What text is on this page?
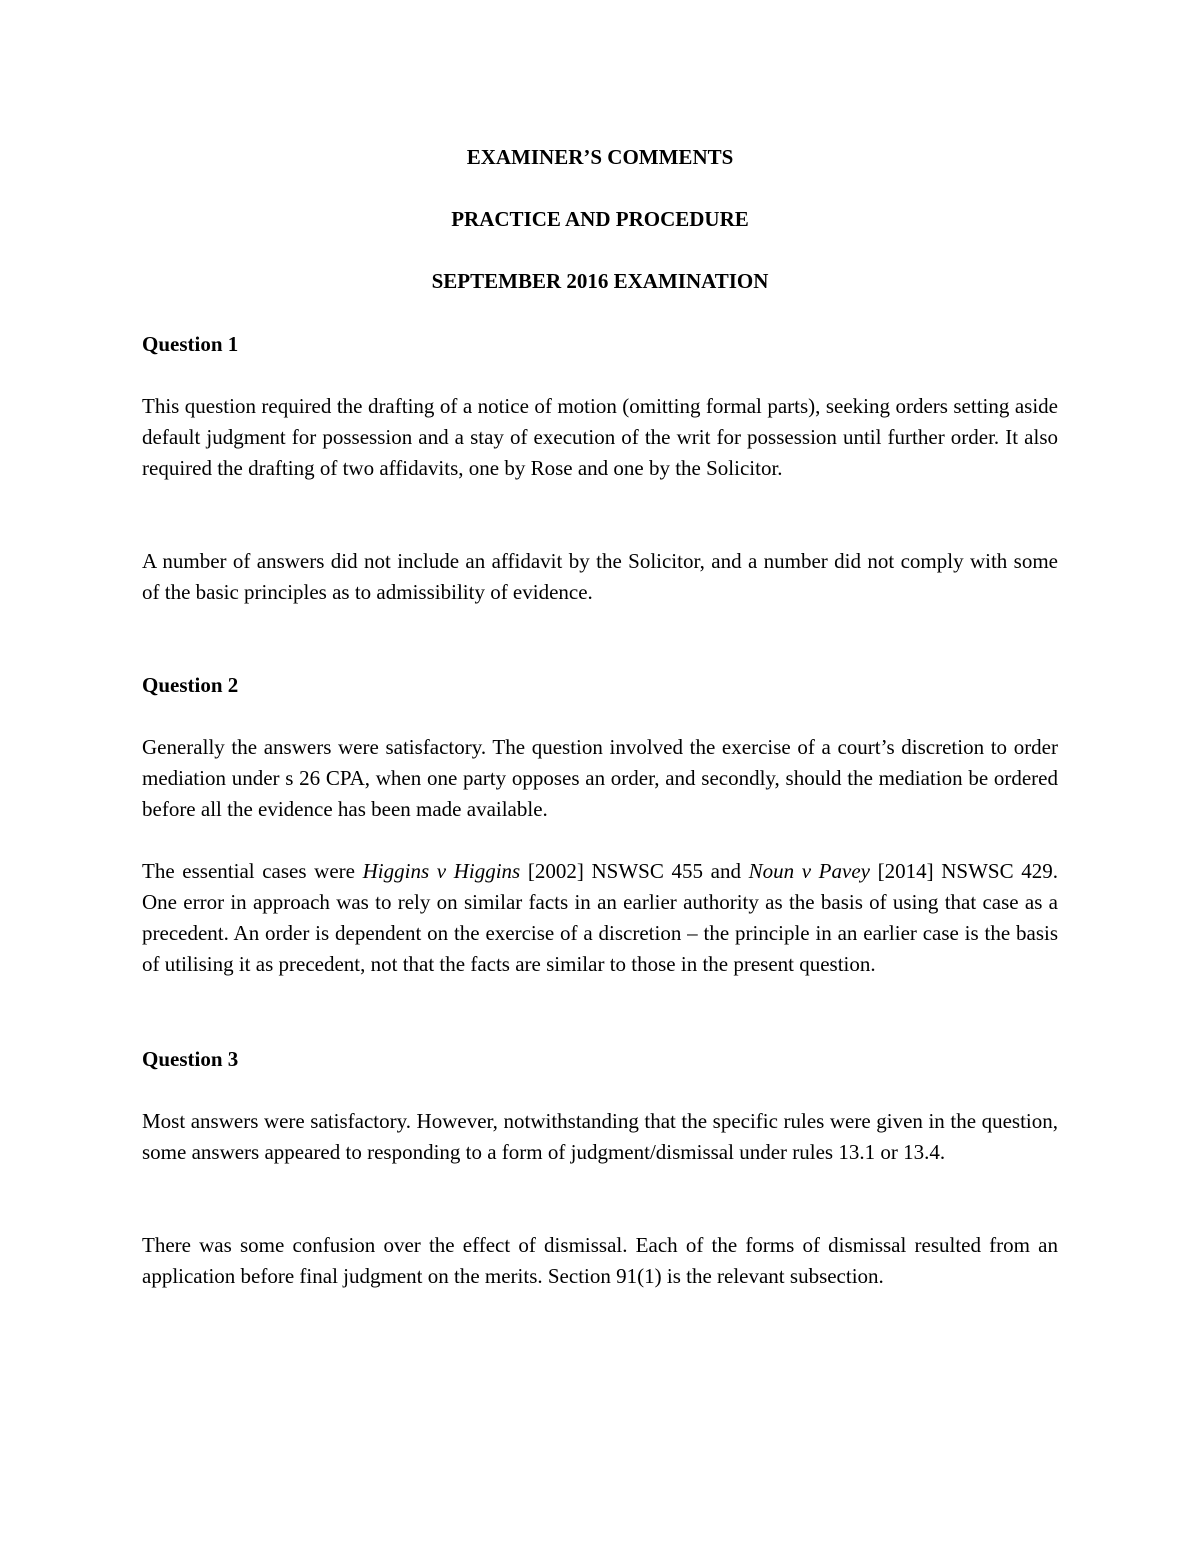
EXAMINER’S COMMENTS
PRACTICE AND PROCEDURE
SEPTEMBER 2016 EXAMINATION
Question 1

This question required the drafting of a notice of motion (omitting formal parts), seeking orders setting aside default judgment for possession and a stay of execution of the writ for possession until further order. It also required the drafting of two affidavits, one by Rose and one by the Solicitor.

A number of answers did not include an affidavit by the Solicitor, and a number did not comply with some of the basic principles as to admissibility of evidence.

Question 2

Generally the answers were satisfactory. The question involved the exercise of a court’s discretion to order mediation under s 26 CPA, when one party opposes an order, and secondly, should the mediation be ordered before all the evidence has been made available.

The essential cases were Higgins v Higgins [2002] NSWSC 455 and Noun v Pavey [2014] NSWSC 429. One error in approach was to rely on similar facts in an earlier authority as the basis of using that case as a precedent. An order is dependent on the exercise of a discretion – the principle in an earlier case is the basis of utilising it as precedent, not that the facts are similar to those in the present question.

Question 3

Most answers were satisfactory. However, notwithstanding that the specific rules were given in the question, some answers appeared to responding to a form of judgment/dismissal under rules 13.1 or 13.4.

There was some confusion over the effect of dismissal. Each of the forms of dismissal resulted from an application before final judgment on the merits. Section 91(1) is the relevant subsection.
